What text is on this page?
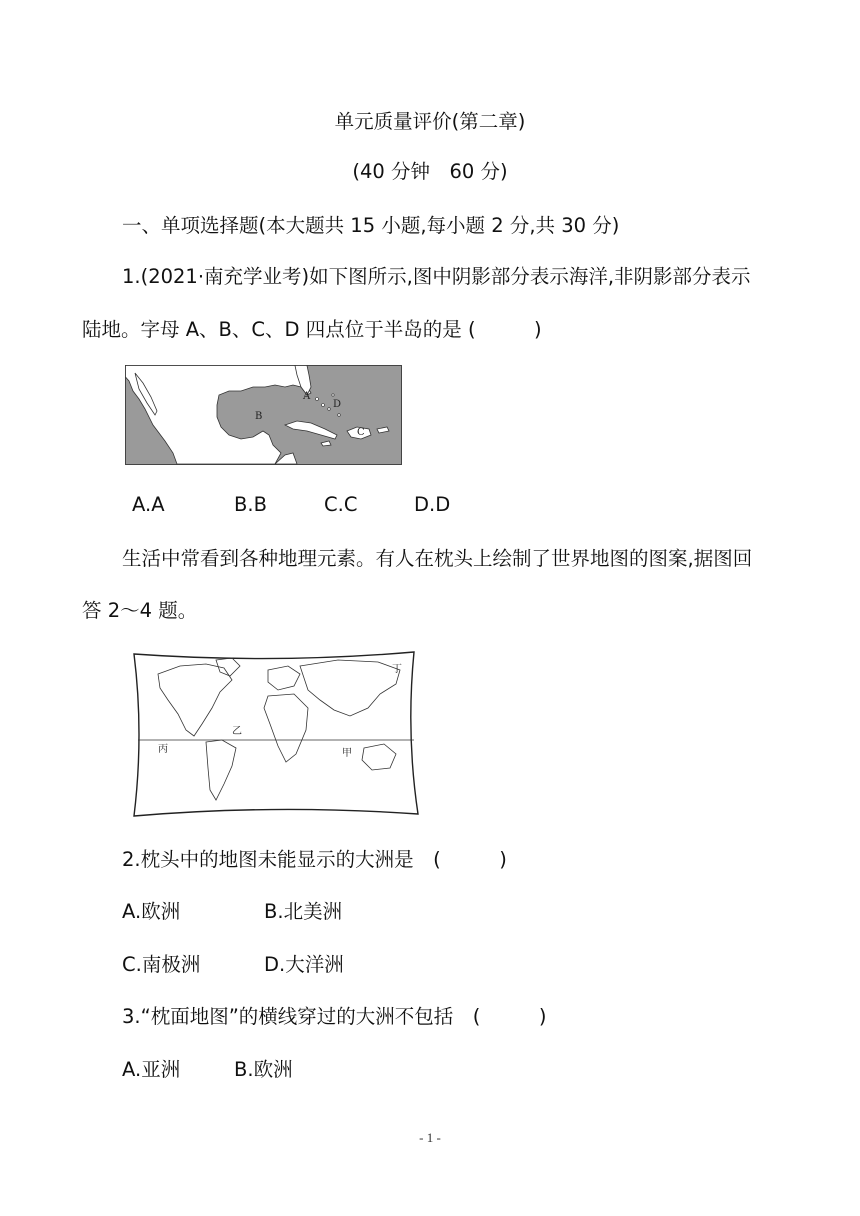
单元质量评价(第二章)
(40 分钟　60 分)
一、单项选择题(本大题共 15 小题,每小题 2 分,共 30 分)
1.(2021·南充学业考)如下图所示,图中阴影部分表示海洋,非阴影部分表示
陆地。字母 A、B、C、D 四点位于半岛的是 (　　　)
A
B
C
D
A.A	B.B	C.C	D.D
生活中常看到各种地理元素。有人在枕头上绘制了世界地图的图案,据图回
答 2～4 题。
丁
乙
丙	甲
2.枕头中的地图未能显示的大洲是　(　　　)
A.欧洲	B.北美洲
C.南极洲	D.大洋洲
3.“枕面地图”的横线穿过的大洲不包括　(　　　)
A.亚洲	B.欧洲
- 1 -
